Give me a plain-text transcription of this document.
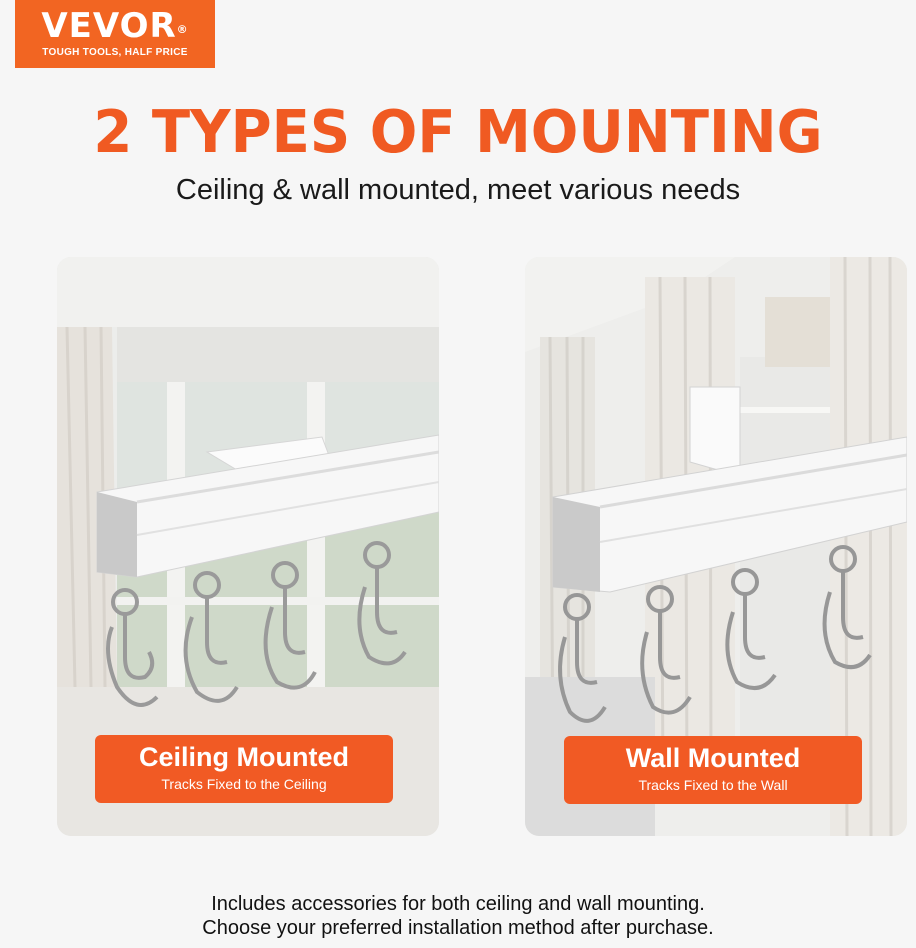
VEVOR®
TOUGH TOOLS, HALF PRICE
2 TYPES OF MOUNTING
Ceiling & wall mounted, meet various needs
Ceiling Mounted
Tracks Fixed to the Ceiling
Wall Mounted
Tracks Fixed to the Wall
Includes accessories for both ceiling and wall mounting.
Choose your preferred installation method after purchase.
